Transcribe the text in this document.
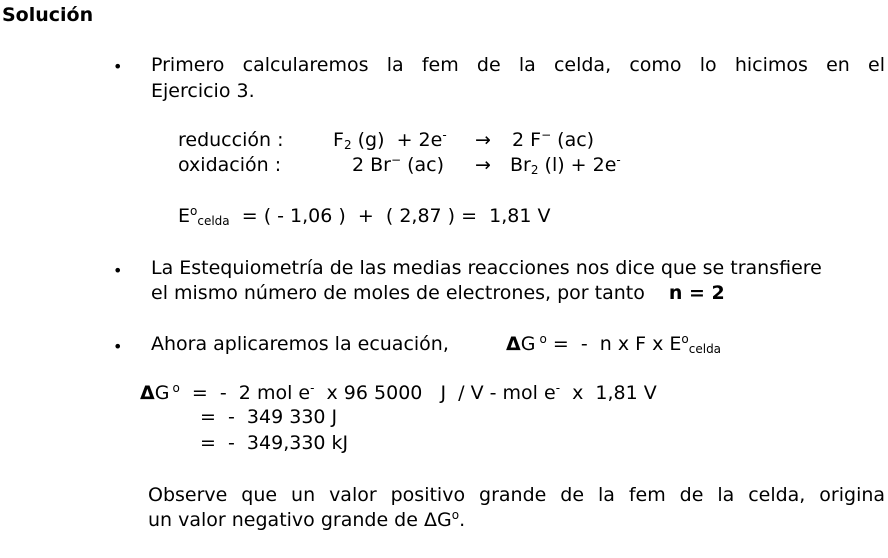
Solución
• Primero calcularemos la fem de la celda, como lo hicimos en el
Ejercicio 3.
reducción :	$F_2$ (g)  + 2e- → 2 F− (ac)
oxidación :	2 Br− $(ac) \to Br_2$ (l) + 2e-
$E^o_{celda}$  = ( - 1,06 )  +  ( 2,87 ) =  1,81 V
• La Estequiometría de las medias reacciones nos dice que se transfiere
el mismo número de moles de electrones, por tanto n = 2
• Ahora aplicaremos la ecuación,	ΔG $^o$ =  -  n x F x $E^o_{celda}$
ΔG $^o$  =  -  2 mol e-  x 96 5000   J  / V - mol e-  x  1,81 V
=  -  349 330 J
=  -  349,330 kJ
Observe que un valor positivo grande de la fem de la celda, origina
un valor negativo grande de $\Delta G^o$.
